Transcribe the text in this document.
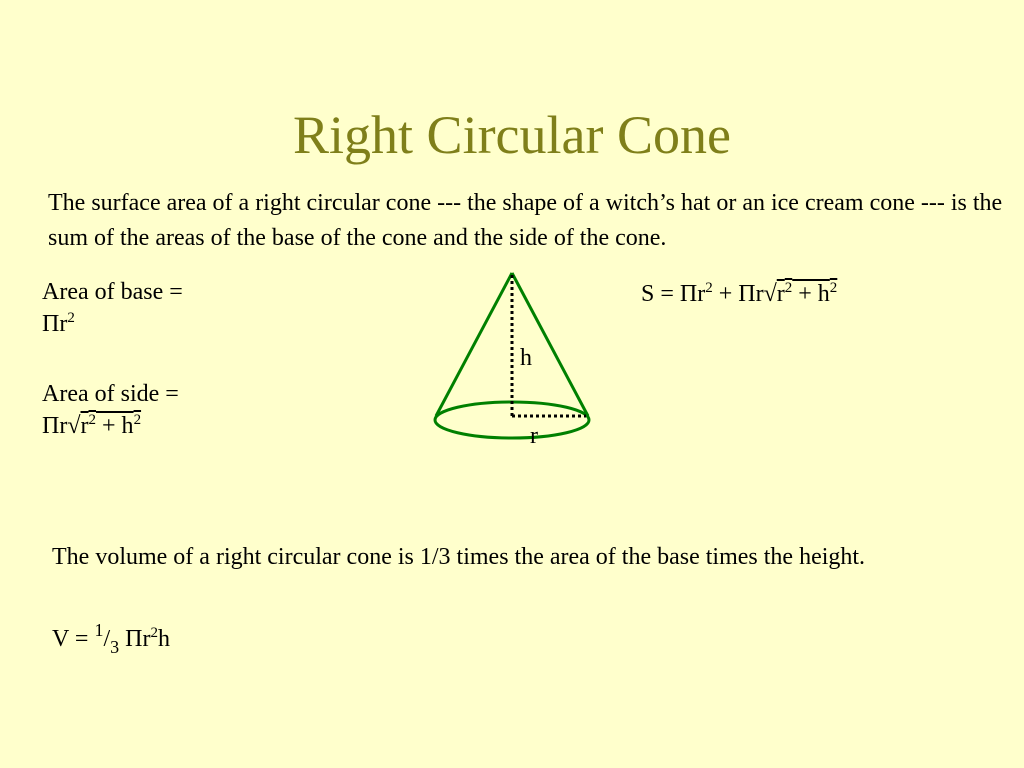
Right Circular Cone
The surface area of a right circular cone --- the shape of a witch’s hat or an ice cream cone --- is the sum of the areas of the base of the cone and the side of the cone.
Area of base =
$\Pi r^2$
Area of side =
$\Pi r√r^2 + h^2$
$S = \Pi r^2 + \Pi r√r^2 + h^2$
h
r
The volume of a right circular cone is 1/3 times the area of the base times the height.
$V = ^1/_3$ $\Pi r^2h$
